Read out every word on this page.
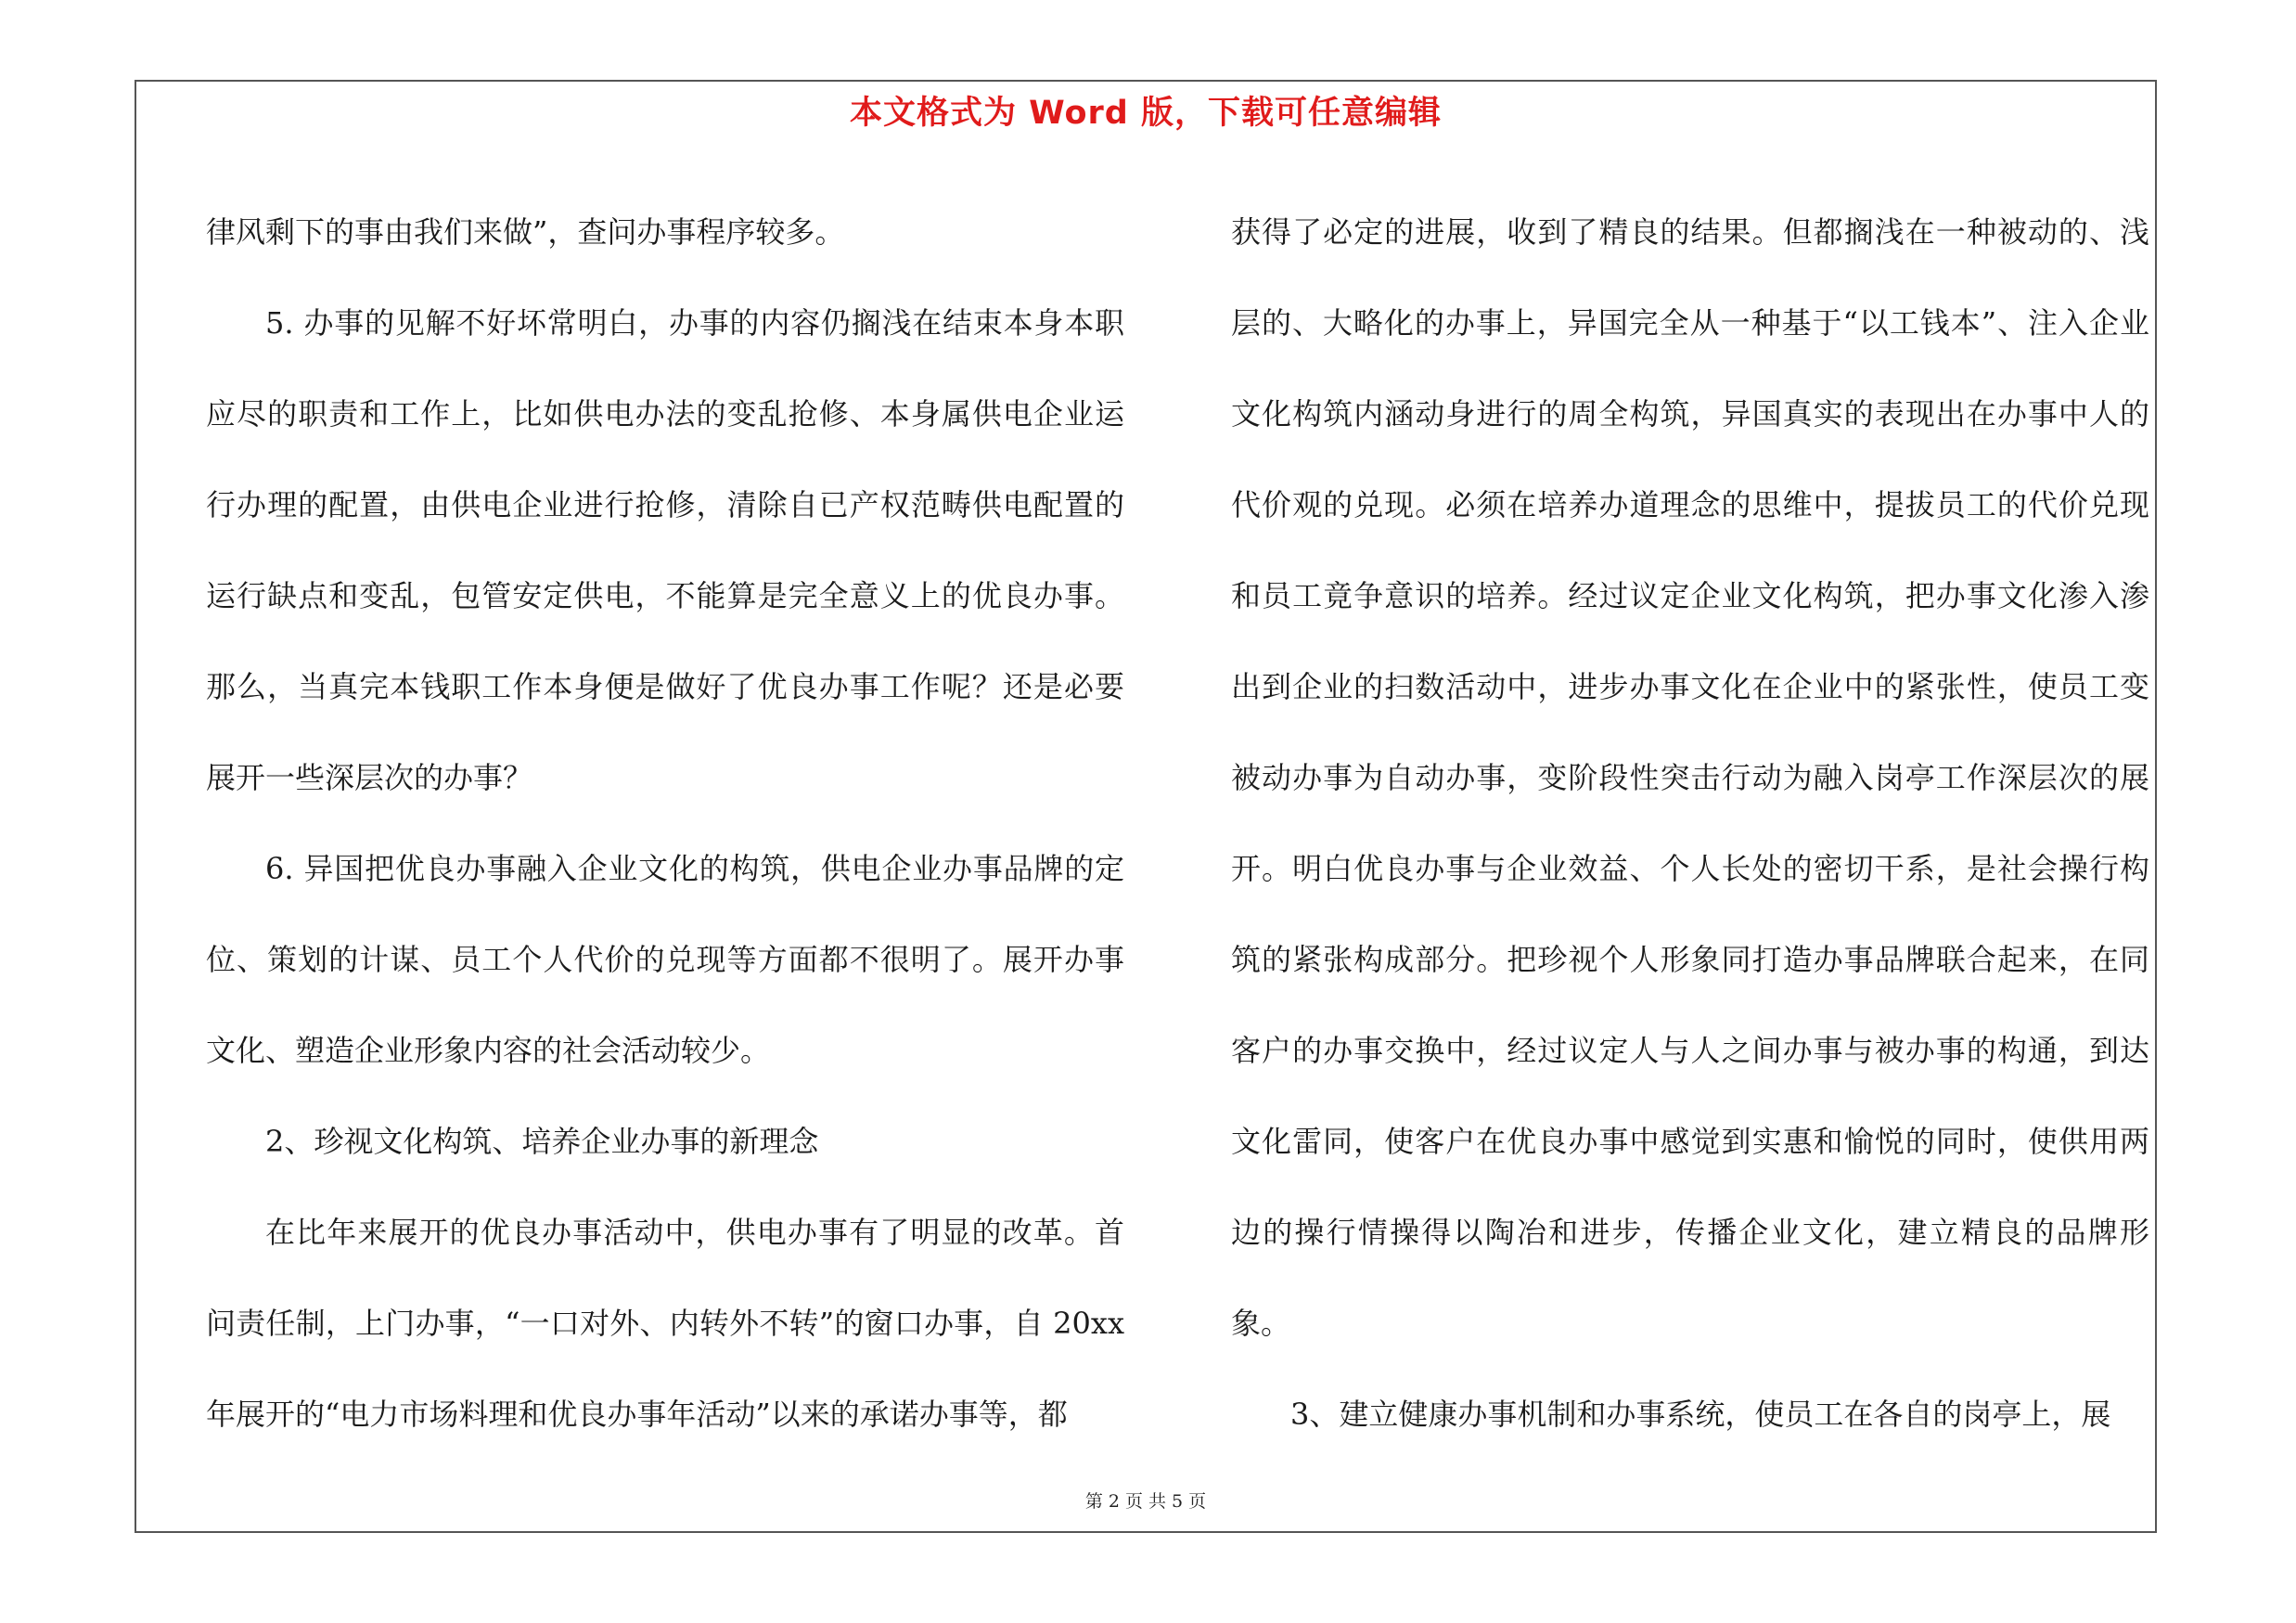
本文格式为 Word 版，下载可任意编辑

律风剩下的事由我们来做”，查问办事程序较多。

5. 办事的见解不好坏常明白，办事的内容仍搁浅在结束本身本职应尽的职责和工作上，比如供电办法的变乱抢修、本身属供电企业运行办理的配置，由供电企业进行抢修，清除自已产权范畴供电配置的运行缺点和变乱，包管安定供电，不能算是完全意义上的优良办事。那么，当真完本钱职工作本身便是做好了优良办事工作呢？还是必要展开一些深层次的办事？

6. 异国把优良办事融入企业文化的构筑，供电企业办事品牌的定位、策划的计谋、员工个人代价的兑现等方面都不很明了。展开办事文化、塑造企业形象内容的社会活动较少。

2、珍视文化构筑、培养企业办事的新理念

在比年来展开的优良办事活动中，供电办事有了明显的改革。首问责任制，上门办事，“一口对外、内转外不转”的窗口办事，自 20xx 年展开的“电力市场料理和优良办事年活动”以来的承诺办事等，都

获得了必定的进展，收到了精良的结果。但都搁浅在一种被动的、浅层的、大略化的办事上，异国完全从一种基于“以工钱本”、注入企业文化构筑内涵动身进行的周全构筑，异国真实的表现出在办事中人的代价观的兑现。必须在培养办道理念的思维中，提拔员工的代价兑现和员工竟争意识的培养。经过议定企业文化构筑，把办事文化渗入渗出到企业的扫数活动中，进步办事文化在企业中的紧张性，使员工变被动办事为自动办事，变阶段性突击行动为融入岗亭工作深层次的展开。明白优良办事与企业效益、个人长处的密切干系，是社会操行构筑的紧张构成部分。把珍视个人形象同打造办事品牌联合起来，在同客户的办事交换中，经过议定人与人之间办事与被办事的构通，到达文化雷同，使客户在优良办事中感觉到实惠和愉悦的同时，使供用两边的操行情操得以陶冶和进步，传播企业文化，建立精良的品牌形象。

3、建立健康办事机制和办事系统，使员工在各自的岗亭上，展

第 2 页 共 5 页
